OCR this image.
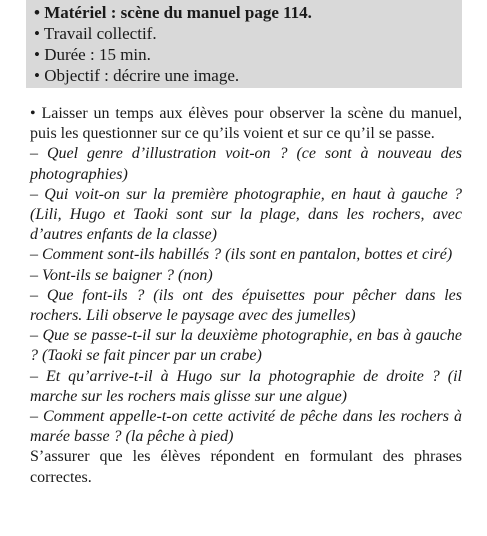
• Matériel : scène du manuel page 114.
• Travail collectif.
• Durée : 15 min.
• Objectif : décrire une image.

• Laisser un temps aux élèves pour observer la scène du manuel, puis les questionner sur ce qu’ils voient et sur ce qu’il se passe.

– Quel genre d’illustration voit-on ? (ce sont à nouveau des photographies)

– Qui voit-on sur la première photographie, en haut à gauche ? (Lili, Hugo et Taoki sont sur la plage, dans les rochers, avec d’autres enfants de la classe)

– Comment sont-ils habillés ? (ils sont en pantalon, bottes et ciré)

– Vont-ils se baigner ? (non)

– Que font-ils ? (ils ont des épuisettes pour pêcher dans les rochers. Lili observe le paysage avec des jumelles)

– Que se passe-t-il sur la deuxième photographie, en bas à gauche ? (Taoki se fait pincer par un crabe)

– Et qu’arrive-t-il à Hugo sur la photographie de droite ? (il marche sur les rochers mais glisse sur une algue)

– Comment appelle-t-on cette activité de pêche dans les rochers à marée basse ? (la pêche à pied)

S’assurer que les élèves répondent en formulant des phrases correctes.
